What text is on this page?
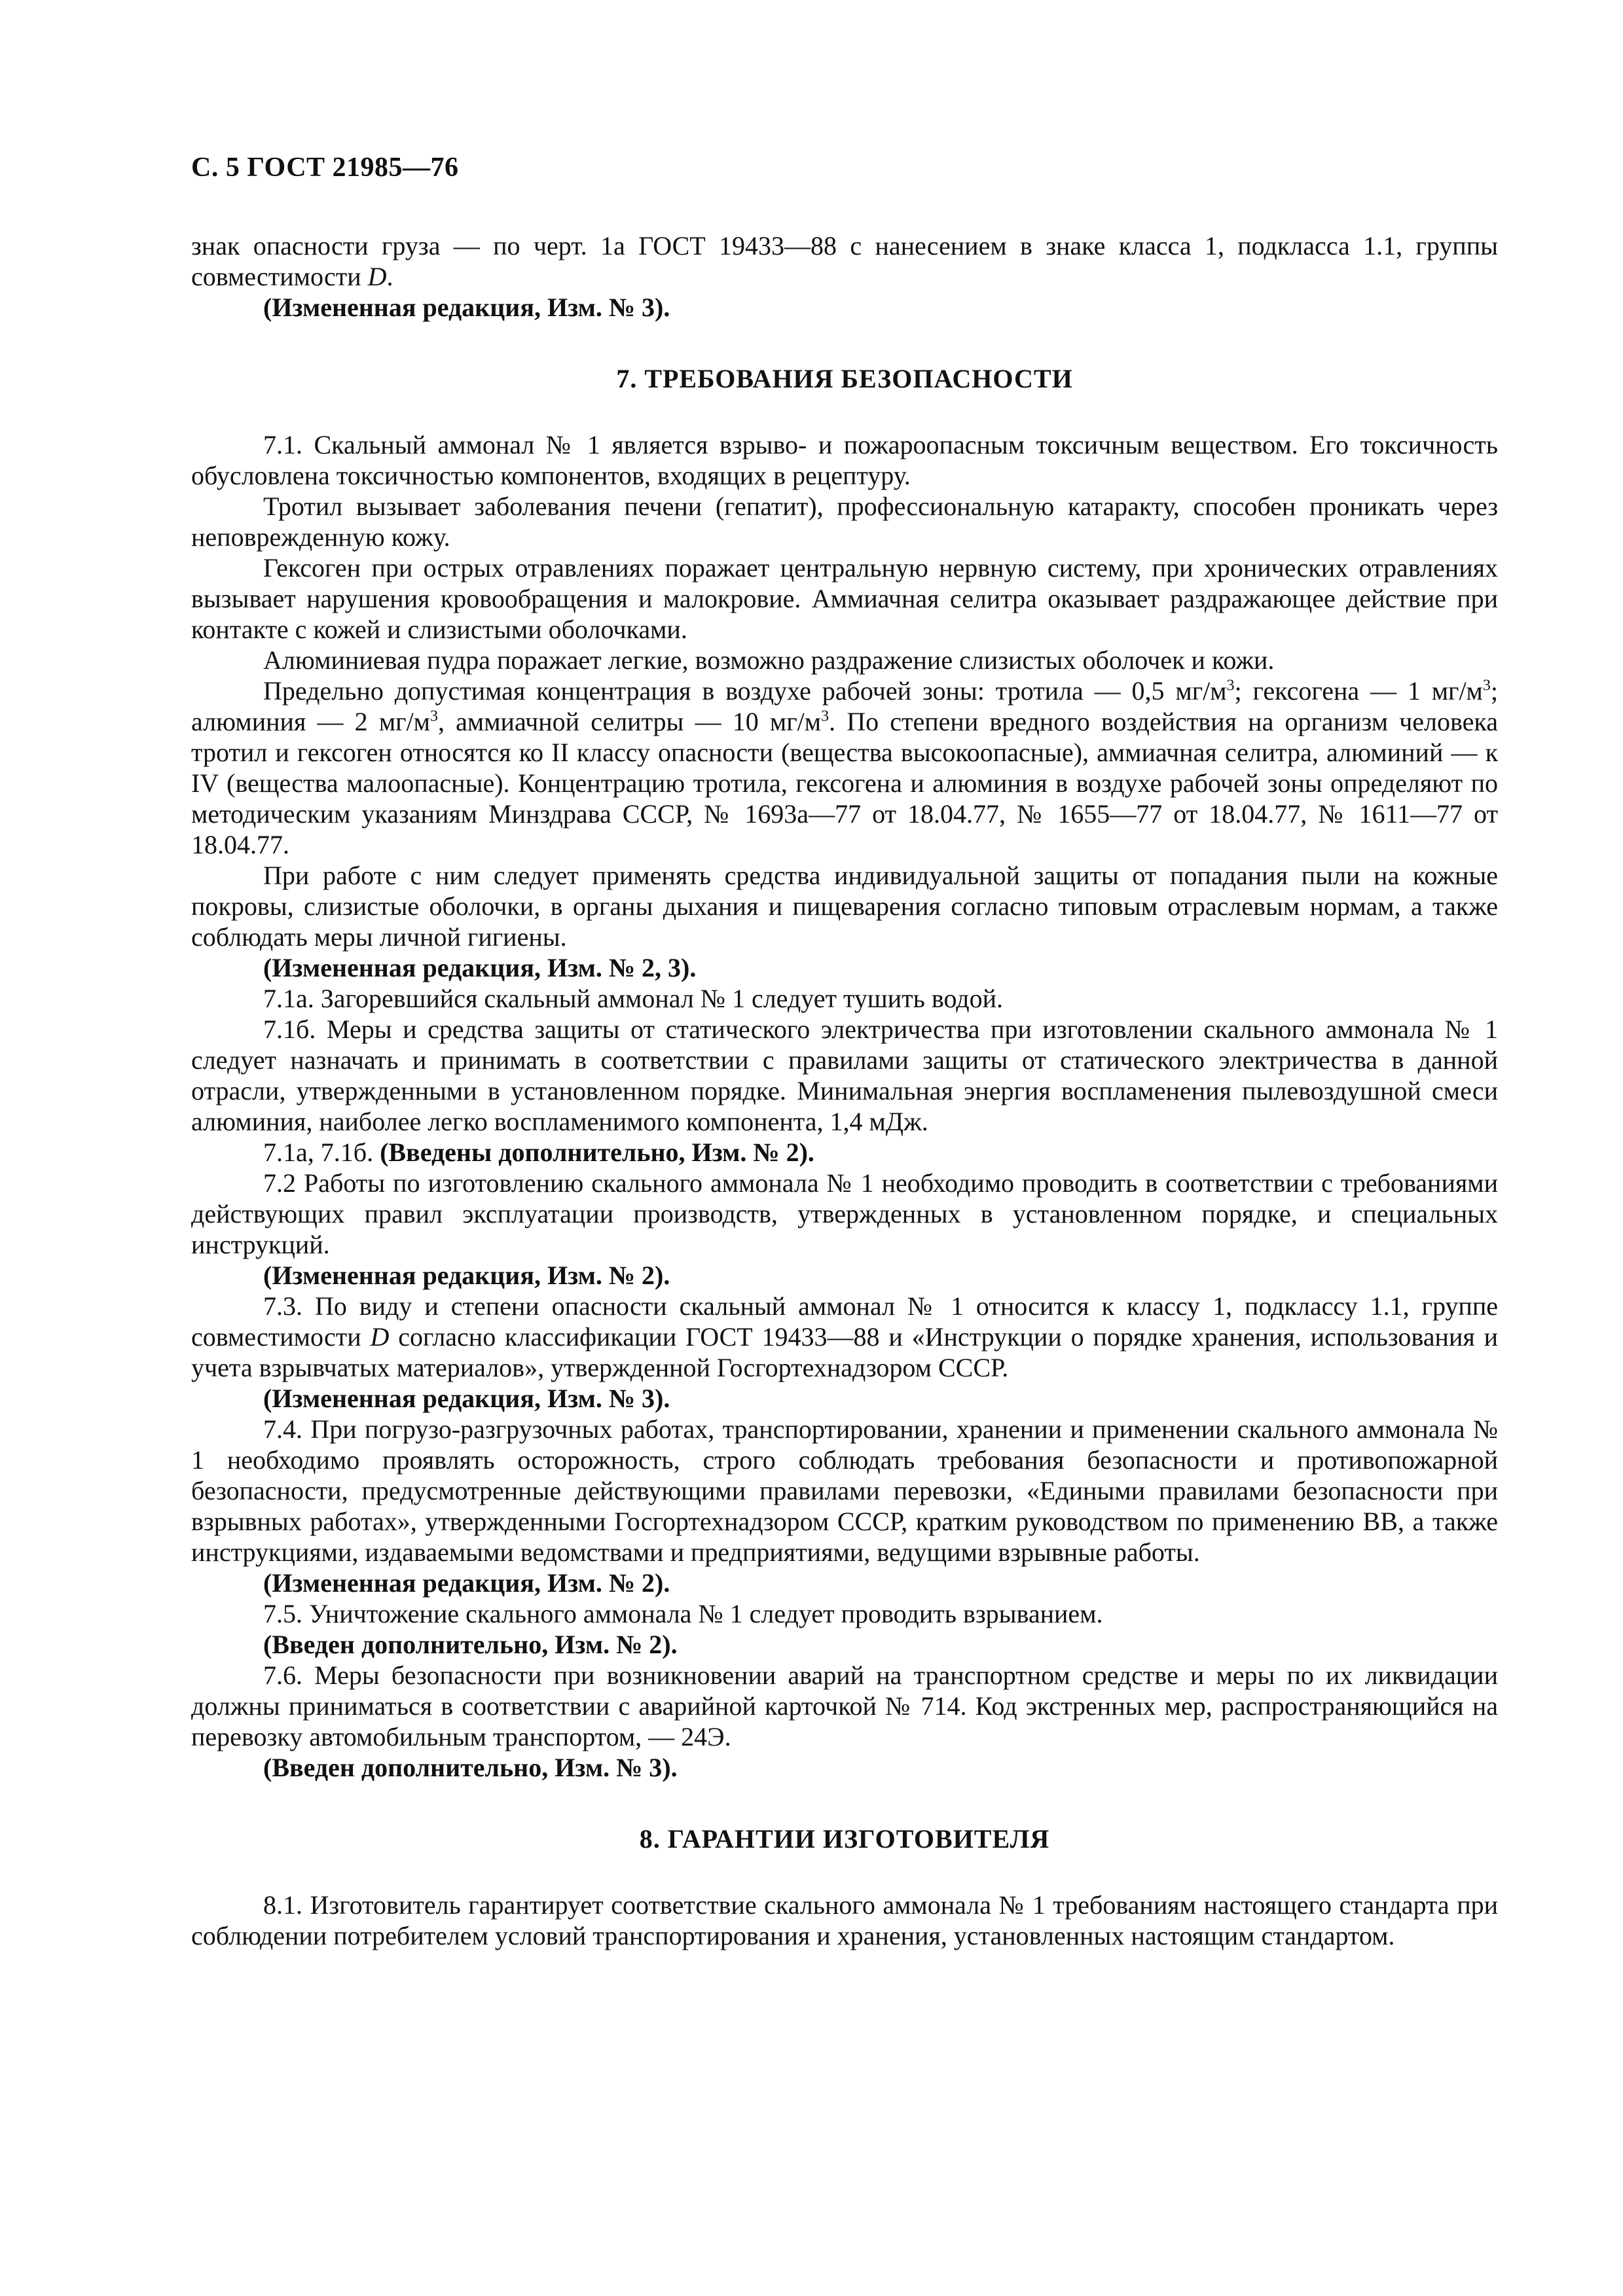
С. 5 ГОСТ 21985—76

знак опасности груза — по черт. 1а ГОСТ 19433—88 с нанесением в знаке класса 1, подкласса 1.1, группы совместимости D.

(Измененная редакция, Изм. № 3).

7. ТРЕБОВАНИЯ БЕЗОПАСНОСТИ

7.1. Скальный аммонал № 1 является взрыво- и пожароопасным токсичным веществом. Его токсичность обусловлена токсичностью компонентов, входящих в рецептуру.

Тротил вызывает заболевания печени (гепатит), профессиональную катаракту, способен проникать через неповрежденную кожу.

Гексоген при острых отравлениях поражает центральную нервную систему, при хронических отравлениях вызывает нарушения кровообращения и малокровие. Аммиачная селитра оказывает раздражающее действие при контакте с кожей и слизистыми оболочками.

Алюминиевая пудра поражает легкие, возможно раздражение слизистых оболочек и кожи.

Предельно допустимая концентрация в воздухе рабочей зоны: тротила — 0,5 $мг/м^3$; гексогена — 1 $мг/м^3$; алюминия — 2 $мг/м^3$, аммиачной селитры — 10 $мг/м^3$. По степени вредного воздействия на организм человека тротил и гексоген относятся ко II классу опасности (вещества высокоопасные), аммиачная селитра, алюминий — к IV (вещества малоопасные). Концентрацию тротила, гексогена и алюминия в воздухе рабочей зоны определяют по методическим указаниям Минздрава СССР, № 1693а—77 от 18.04.77, № 1655—77 от 18.04.77, № 1611—77 от 18.04.77.

При работе с ним следует применять средства индивидуальной защиты от попадания пыли на кожные покровы, слизистые оболочки, в органы дыхания и пищеварения согласно типовым отраслевым нормам, а также соблюдать меры личной гигиены.

(Измененная редакция, Изм. № 2, 3).

7.1а. Загоревшийся скальный аммонал № 1 следует тушить водой.

7.1б. Меры и средства защиты от статического электричества при изготовлении скального аммонала № 1 следует назначать и принимать в соответствии с правилами защиты от статического электричества в данной отрасли, утвержденными в установленном порядке. Минимальная энергия воспламенения пылевоздушной смеси алюминия, наиболее легко воспламенимого компонента, 1,4 мДж.

7.1а, 7.1б. (Введены дополнительно, Изм. № 2).

7.2 Работы по изготовлению скального аммонала № 1 необходимо проводить в соответствии с требованиями действующих правил эксплуатации производств, утвержденных в установленном порядке, и специальных инструкций.

(Измененная редакция, Изм. № 2).

7.3. По виду и степени опасности скальный аммонал № 1 относится к классу 1, подклассу 1.1, группе совместимости D согласно классификации ГОСТ 19433—88 и «Инструкции о порядке хранения, использования и учета взрывчатых материалов», утвержденной Госгортехнадзором СССР.

(Измененная редакция, Изм. № 3).

7.4. При погрузо-разгрузочных работах, транспортировании, хранении и применении скального аммонала № 1 необходимо проявлять осторожность, строго соблюдать требования безопасности и противопожарной безопасности, предусмотренные действующими правилами перевозки, «Едиными правилами безопасности при взрывных работах», утвержденными Госгортехнадзором СССР, кратким руководством по применению ВВ, а также инструкциями, издаваемыми ведомствами и предприятиями, ведущими взрывные работы.

(Измененная редакция, Изм. № 2).

7.5. Уничтожение скального аммонала № 1 следует проводить взрыванием.

(Введен дополнительно, Изм. № 2).

7.6. Меры безопасности при возникновении аварий на транспортном средстве и меры по их ликвидации должны приниматься в соответствии с аварийной карточкой № 714. Код экстренных мер, распространяющийся на перевозку автомобильным транспортом, — 24Э.

(Введен дополнительно, Изм. № 3).

8. ГАРАНТИИ ИЗГОТОВИТЕЛЯ

8.1. Изготовитель гарантирует соответствие скального аммонала № 1 требованиям настоящего стандарта при соблюдении потребителем условий транспортирования и хранения, установленных настоящим стандартом.
